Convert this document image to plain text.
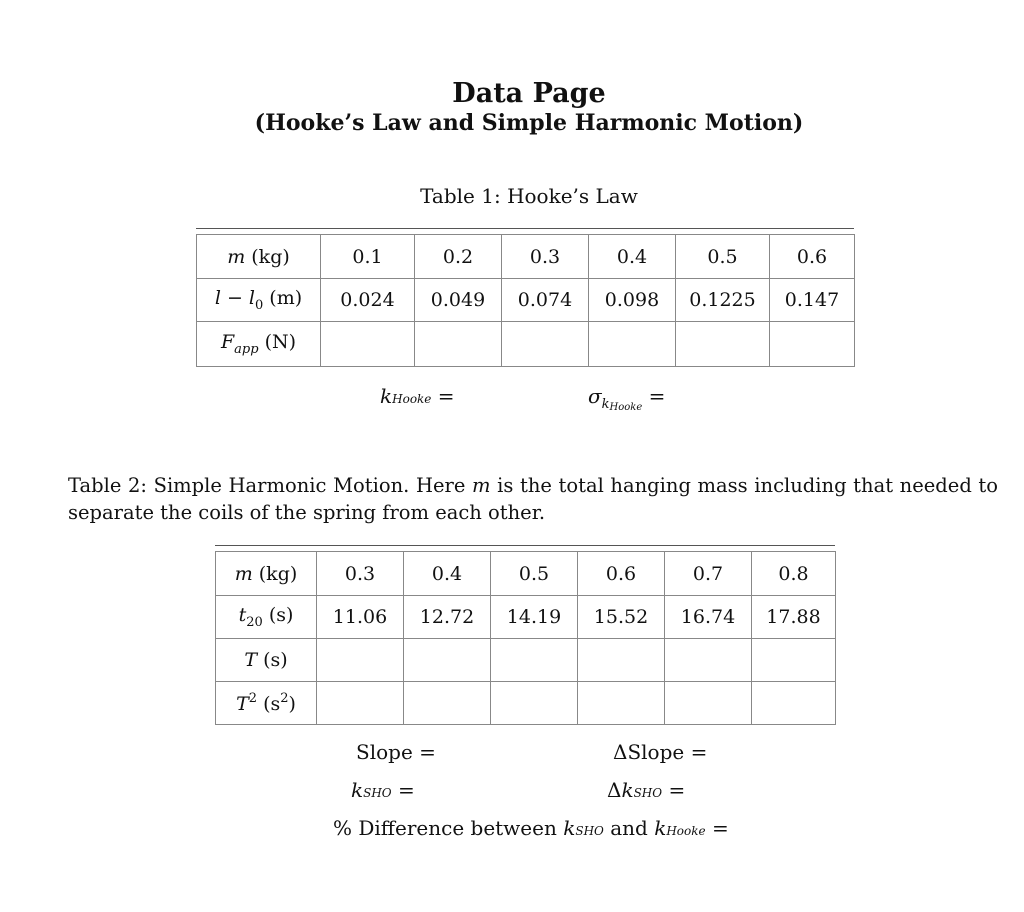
Data Page
(Hooke’s Law and Simple Harmonic Motion)
Table 1: Hooke’s Law
m (kg)	0.1	0.2	0.3	0.4	0.5	0.6
$l - l_0$ (m)	0.024	0.049	0.074	0.098	0.1225	0.147
$F_{app}$ (N)						
kHooke =	$\sigma_{kHooke}$ =
Table 2: Simple Harmonic Motion. Here m is the total hanging mass including that needed to separate the coils of the spring from each other.
m (kg)	0.3	0.4	0.5	0.6	0.7	0.8
$t_{20}$ (s)	11.06	12.72	14.19	15.52	16.74	17.88
T (s)						
$T^2$ $(s^2)$						
Slope =	ΔSlope =
kSHO =	ΔkSHO =
% Difference between kSHO and kHooke =
